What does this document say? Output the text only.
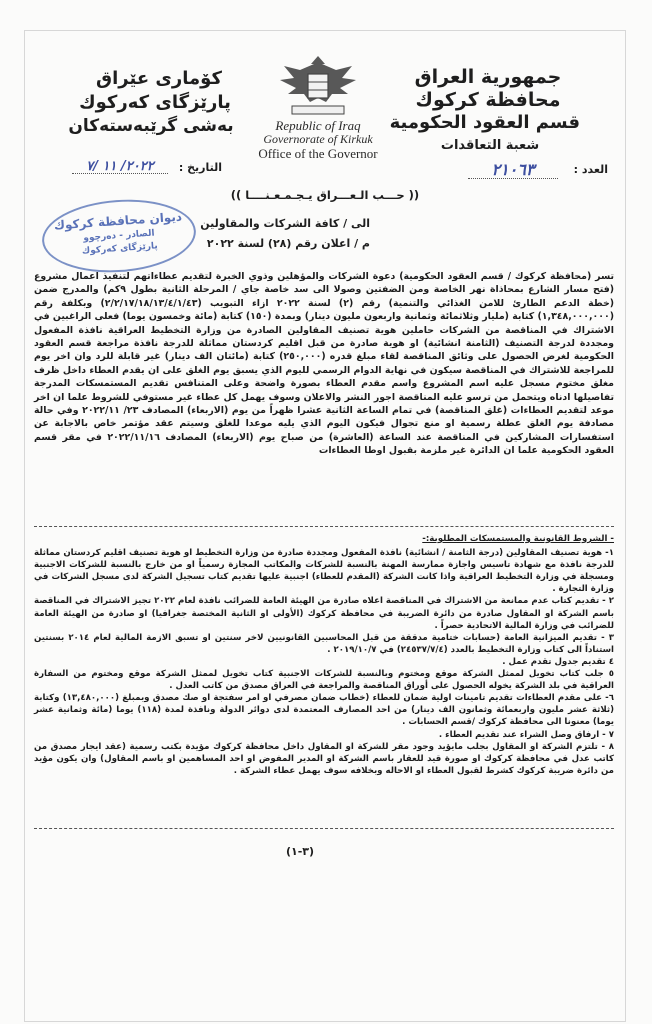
كۆماری عێراق
پارێزگای كەركوك
بەشی گرێبەستەكان
جمهورية العراق
محافظة كركوك
قسم العقود الحكومية
شعبة التعاقدات
Republic of Iraq
Governorate of Kirkuk
Office of the Governor
العدد :
٢١٠٦٣
التاريخ :
٢٠٢٢/ ١١ /٧
ديوان محافظة كركوك
الصادر - دەرچوو
پارێزگای كەركوك
(( حـــب الـعـــراق يـجـمـعـنــــا ))
الى / كافة الشركات والمقاولين
م / اعلان رقم (٢٨) لسنة ٢٠٢٢

تسر (محافظة كركوك / قسم العقود الحكومية) دعوة الشركات والمؤهلين وذوي الخبرة لتقديم عطاءاتهم لتنفيذ اعمال مشروع (فتح مسار الشارع بمحاذاة نهر الخاصة ومن الضفتين وصولا الى سد خاصة جاي / المرحلة الثانية بطول ٩كم) والمدرج ضمن (خطة الدعم الطارئ للامن الغذائي والتنمية) رقم (٢) لسنة ٢٠٢٢ ازاء التبويب (٢/٢/١٧/١٨/١٣/٤/١/٤٣) وبكلفة رقم (١,٣٤٨,٠٠٠,٠٠٠) كتابة (مليار وثلاثمائة وثمانية واربعون مليون دينار) وبمدة (١٥٠) كتابة (مائة وخمسون يوما) فعلى الراغبين في الاشتراك في المناقصة من الشركات حاملين هوية تصنيف المقاولين الصادرة من وزارة التخطيط العراقية نافذة المفعول ومجددة لدرجة التصنيف (الثامنة انشائية) او هوية صادرة من قبل اقليم كردستان مماثلة للدرجة نافذة مراجعة قسم العقود الحكومية لغرض الحصول على وثائق المناقصة لقاء مبلغ قدره (٢٥٠,٠٠٠) كتابة (مائتان الف دينار) غير قابلة للرد وان اخر يوم للمراجعة للاشتراك في المناقصة سيكون في نهاية الدوام الرسمي لليوم الذي يسبق يوم الغلق على ان يقدم العطاء داخل ظرف مغلق مختوم مسجل عليه اسم المشروع واسم مقدم العطاء بصورة واضحة وعلى المتنافس تقديم المستمسكات المدرجة تفاصيلها ادناه ويتحمل من ترسو عليه المناقصة اجور النشر والاعلان وسوف يهمل كل عطاء غير مستوفي للشروط علما ان اخر موعد لتقديم العطاءات (غلق المناقصة) في تمام الساعة الثانية عشرا ظهراً من يوم (الاربعاء) المصادف ٢٣/ ٢٠٢٢/١١ وفي حالة مصادفة يوم الغلق عطلة رسمية او منع تجوال فيكون اليوم الذي يليه موعدا للغلق وسيتم عقد مؤتمر خاص بالاجابة عن استفسارات المشاركين في المناقصة عند الساعة (العاشرة) من صباح يوم (الاربعاء) المصادف ٢٠٢٢/١١/١٦ في مقر قسم العقود الحكومية علما ان الدائرة غير ملزمة بقبول اوطا العطاءات

- الشروط القانونية والمستمسكات المطلوبة:-

١- هوية تصنيف المقاولين (درجة الثامنة / انشائية) نافذة المفعول ومجددة صادرة من وزارة التخطيط او هوية تصنيف اقليم كردستان مماثلة للدرجة نافذة مع شهادة تاسيس واجازة ممارسة المهنة بالنسبة للشركات والمكاتب المجازة رسمياً او من خارج بالنسبة للشركات الاجنبية ومسجلة في وزارة التخطيط العراقية واذا كانت الشركة (المقدم للعطاء) اجنبية عليها تقديم كتاب تسجيل الشركة لدى مسجل الشركات في وزارة التجارة .

٢ - تقديم كتاب عدم ممانعة من الاشتراك في المناقصة اعلاه صادرة من الهيئة العامة للضرائب نافذة لعام ٢٠٢٢ تجيز الاشتراك في المناقصة باسم الشركة او المقاول صادرة من دائرة الضريبة في محافظة كركوك (الأولى او الثانية المختصة جغرافيا) او صادرة من الهيئة العامة للضرائب في وزارة المالية الاتحادية حصراً .

٣ - تقديم الميزانية العامة (حسابات ختامية مدققة من قبل المحاسبين القانونيين لاخر سنتين او تسبق الازمة المالية لعام ٢٠١٤ بسنتين استناداً الى كتاب وزارة التخطيط بالعدد (٢٤٥٣٧/٧/٤) في ٢٠١٩/١٠/٧ .

٤ تقديم جدول تقدم عمل .

٥ جلب كتاب تخويل لممثل الشركة موقع ومختوم وبالنسبة للشركات الاجنبية كتاب تخويل لممثل الشركة موقع ومختوم من السفارة العراقية في بلد الشركة يخوله الحصول على أوراق المناقصة والمراجعة في العراق مصدق من كاتب العدل .

٦- على مقدم العطاءات تقديم تامينات اولية ضمان للعطاء (خطاب ضمان مصرفي او امر سفتجة او صك مصدق وبمبلغ (١٣,٤٨٠,٠٠٠) وكتابة (ثلاثة عشر مليون واربعمائة وثمانون الف دينار) من احد المصارف المعتمدة لدى دوائر الدولة ونافذة لمدة (١١٨) يوما (مائة وثمانية عشر يوما) معنونا الى محافظة كركوك /قسم الحسابات .

٧ - ارفاق وصل الشراء عند تقديم العطاء .

٨ - تلتزم الشركة او المقاول بجلب مايؤيد وجود مقر للشركة او المقاول داخل محافظة كركوك مؤيدة بكتب رسمية (عقد ايجار مصدق من كاتب عدل في محافظة كركوك او صورة قيد للعقار باسم الشركة او المدير المفوض او احد المساهمين او باسم المقاول) وان يكون مؤيد من دائرة ضريبة كركوك كشرط لقبول العطاء او الاحاله وبخلافه سوف يهمل عطاء الشركة .

(٣-١)
